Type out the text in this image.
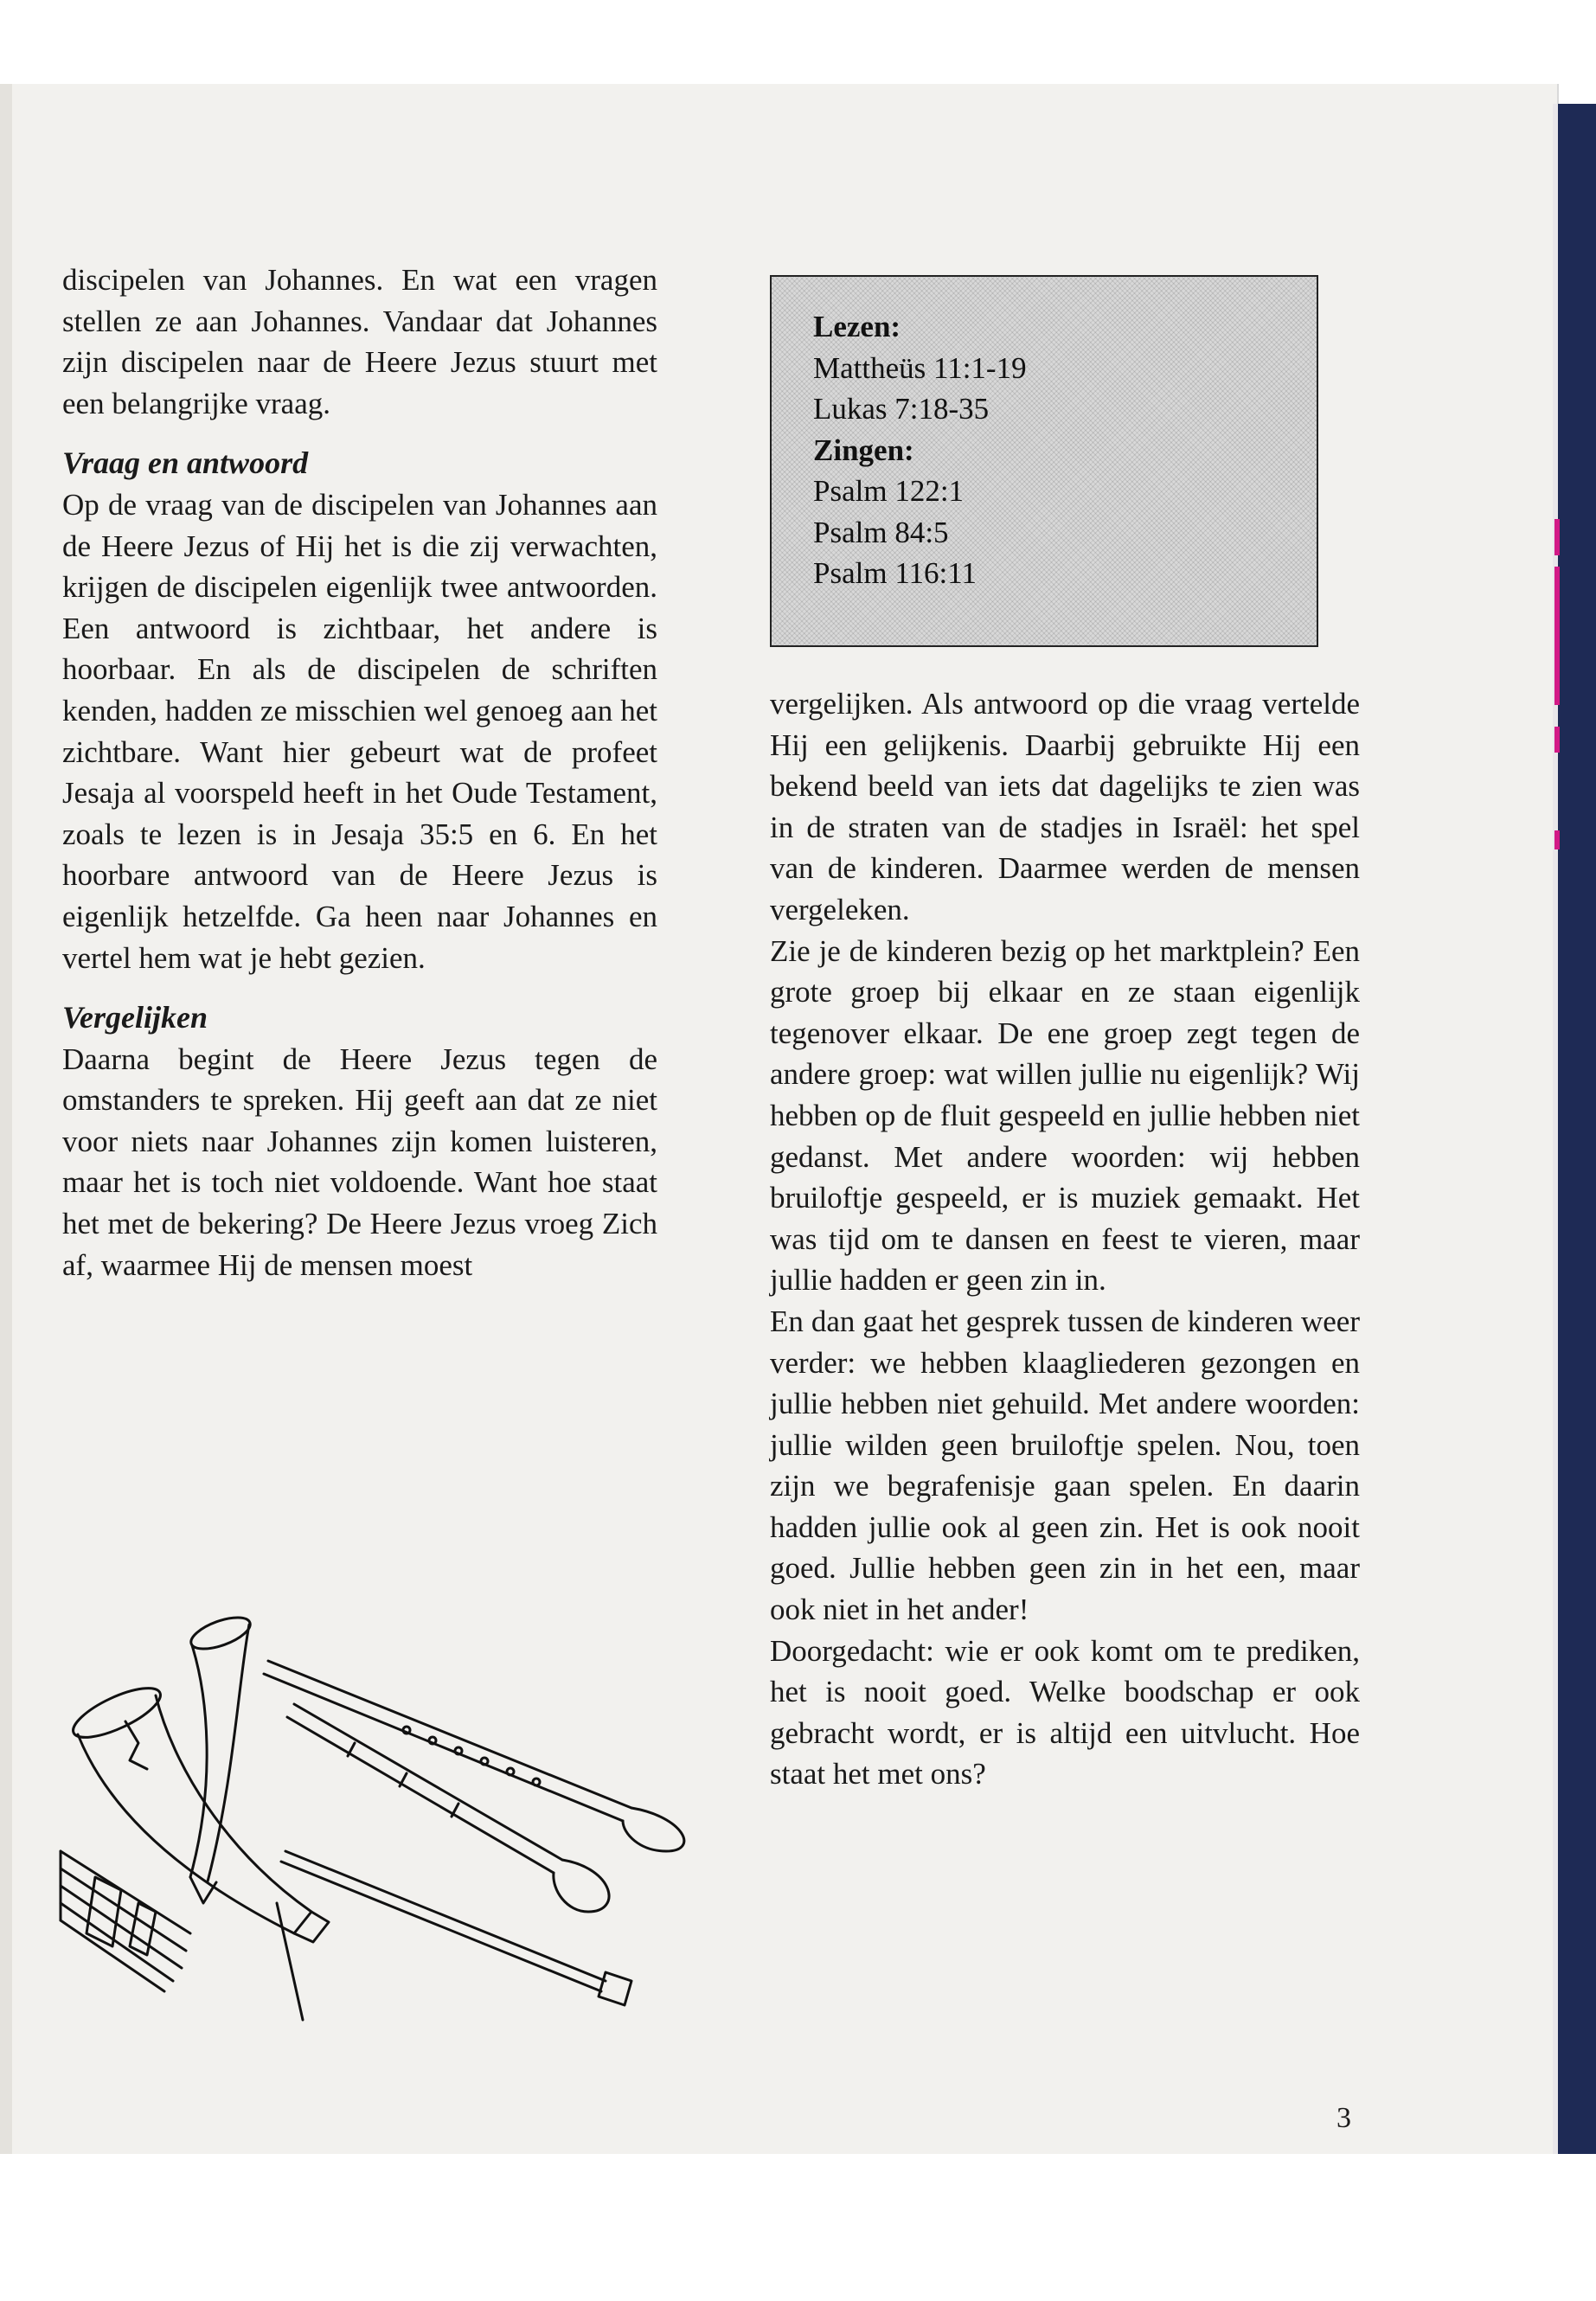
discipelen van Johannes. En wat een vragen stellen ze aan Johannes. Vandaar dat Johannes zijn discipelen naar de Heere Jezus stuurt met een belangrijke vraag.

Vraag en antwoord

Op de vraag van de discipelen van Johannes aan de Heere Jezus of Hij het is die zij verwachten, krijgen de discipelen eigenlijk twee antwoorden. Een antwoord is zichtbaar, het andere is hoorbaar. En als de discipelen de schriften kenden, hadden ze misschien wel genoeg aan het zichtbare. Want hier gebeurt wat de profeet Jesaja al voorspeld heeft in het Oude Testament, zoals te lezen is in Jesaja 35:5 en 6. En het hoorbare antwoord van de Heere Jezus is eigenlijk hetzelfde. Ga heen naar Johannes en vertel hem wat je hebt gezien.

Vergelijken

Daarna begint de Heere Jezus tegen de omstanders te spreken. Hij geeft aan dat ze niet voor niets naar Johannes zijn komen luisteren, maar het is toch niet voldoende. Want hoe staat het met de bekering? De Heere Jezus vroeg Zich af, waarmee Hij de mensen moest

Lezen:
Mattheüs 11:1-19
Lukas 7:18-35
Zingen:
Psalm 122:1
Psalm 84:5
Psalm 116:11

vergelijken. Als antwoord op die vraag vertelde Hij een gelijkenis. Daarbij gebruikte Hij een bekend beeld van iets dat dagelijks te zien was in de straten van de stadjes in Israël: het spel van de kinderen. Daarmee werden de mensen vergeleken.

Zie je de kinderen bezig op het marktplein? Een grote groep bij elkaar en ze staan eigenlijk tegenover elkaar. De ene groep zegt tegen de andere groep: wat willen jullie nu eigenlijk? Wij hebben op de fluit gespeeld en jullie hebben niet gedanst. Met andere woorden: wij hebben bruiloftje gespeeld, er is muziek gemaakt. Het was tijd om te dansen en feest te vieren, maar jullie hadden er geen zin in.

En dan gaat het gesprek tussen de kinderen weer verder: we hebben klaagliederen gezongen en jullie hebben niet gehuild. Met andere woorden: jullie wilden geen bruiloftje spelen. Nou, toen zijn we begrafenisje gaan spelen. En daarin hadden jullie ook al geen zin. Het is ook nooit goed. Jullie hebben geen zin in het een, maar ook niet in het ander!

Doorgedacht: wie er ook komt om te prediken, het is nooit goed. Welke boodschap er ook gebracht wordt, er is altijd een uitvlucht. Hoe staat het met ons?

3
